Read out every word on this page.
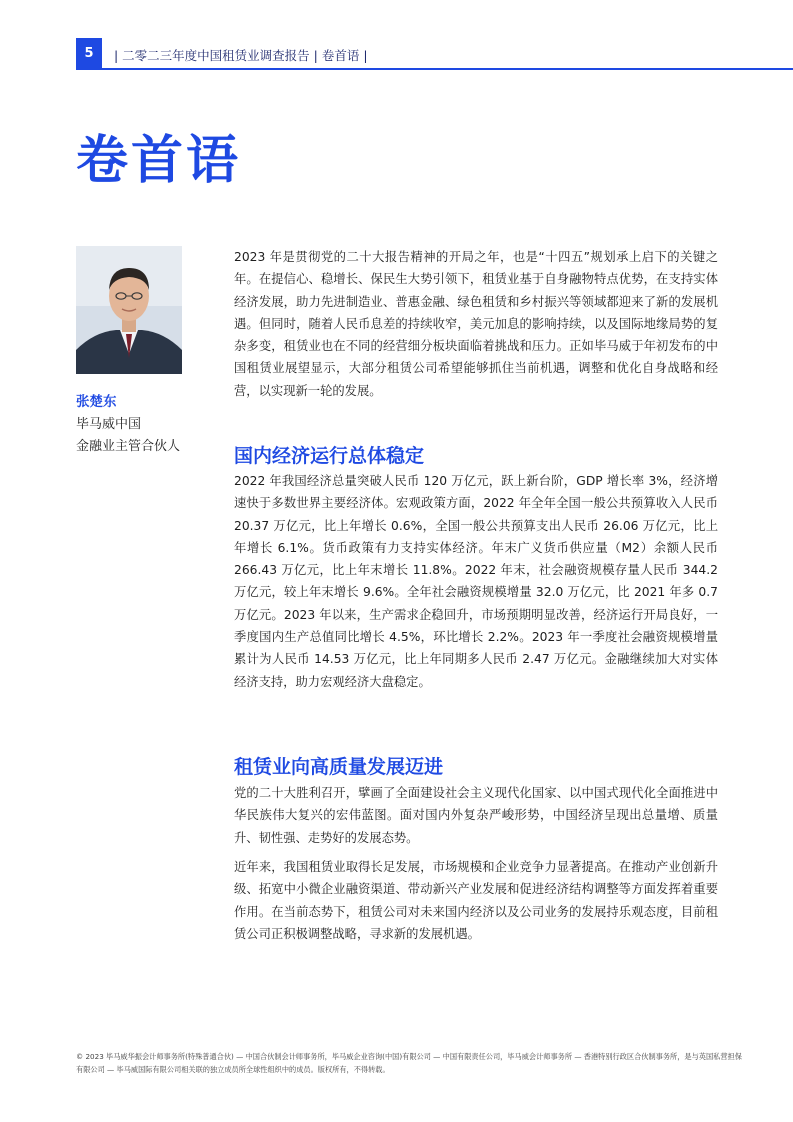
5 | 二零二三年度中国租赁业调查报告 | 卷首语 |
卷首语
张楚东
毕马威中国
金融业主管合伙人

2023 年是贯彻党的二十大报告精神的开局之年，也是“十四五”规划承上启下的关键之年。在提信心、稳增长、保民生大势引领下，租赁业基于自身融物特点优势，在支持实体经济发展，助力先进制造业、普惠金融、绿色租赁和乡村振兴等领域都迎来了新的发展机遇。但同时，随着人民币息差的持续收窄，美元加息的影响持续，以及国际地缘局势的复杂多变，租赁业也在不同的经营细分板块面临着挑战和压力。正如毕马威于年初发布的中国租赁业展望显示，大部分租赁公司希望能够抓住当前机遇，调整和优化自身战略和经营，以实现新一轮的发展。

国内经济运行总体稳定

2022 年我国经济总量突破人民币 120 万亿元，跃上新台阶，GDP 增长率 3%，经济增速快于多数世界主要经济体。宏观政策方面，2022 年全年全国一般公共预算收入人民币 20.37 万亿元，比上年增长 0.6%，全国一般公共预算支出人民币 26.06 万亿元，比上年增长 6.1%。货币政策有力支持实体经济。年末广义货币供应量（M2）余额人民币 266.43 万亿元，比上年末增长 11.8%。2022 年末，社会融资规模存量人民币 344.2 万亿元，较上年末增长 9.6%。全年社会融资规模增量 32.0 万亿元，比 2021 年多 0.7 万亿元。2023 年以来，生产需求企稳回升，市场预期明显改善，经济运行开局良好，一季度国内生产总值同比增长 4.5%，环比增长 2.2%。2023 年一季度社会融资规模增量累计为人民币 14.53 万亿元，比上年同期多人民币 2.47 万亿元。金融继续加大对实体经济支持，助力宏观经济大盘稳定。

租赁业向高质量发展迈进

党的二十大胜利召开，擘画了全面建设社会主义现代化国家、以中国式现代化全面推进中华民族伟大复兴的宏伟蓝图。面对国内外复杂严峻形势，中国经济呈现出总量增、质量升、韧性强、走势好的发展态势。

近年来，我国租赁业取得长足发展，市场规模和企业竞争力显著提高。在推动产业创新升级、拓宽中小微企业融资渠道、带动新兴产业发展和促进经济结构调整等方面发挥着重要作用。在当前态势下，租赁公司对未来国内经济以及公司业务的发展持乐观态度，目前租赁公司正积极调整战略，寻求新的发展机遇。

© 2023 毕马威华振会计师事务所(特殊普通合伙) — 中国合伙制会计师事务所，毕马威企业咨询(中国)有限公司 — 中国有限责任公司，毕马威会计师事务所 — 香港特别行政区合伙制事务所，是与英国私营担保有限公司 — 毕马威国际有限公司相关联的独立成员所全球性组织中的成员。版权所有，不得转载。
